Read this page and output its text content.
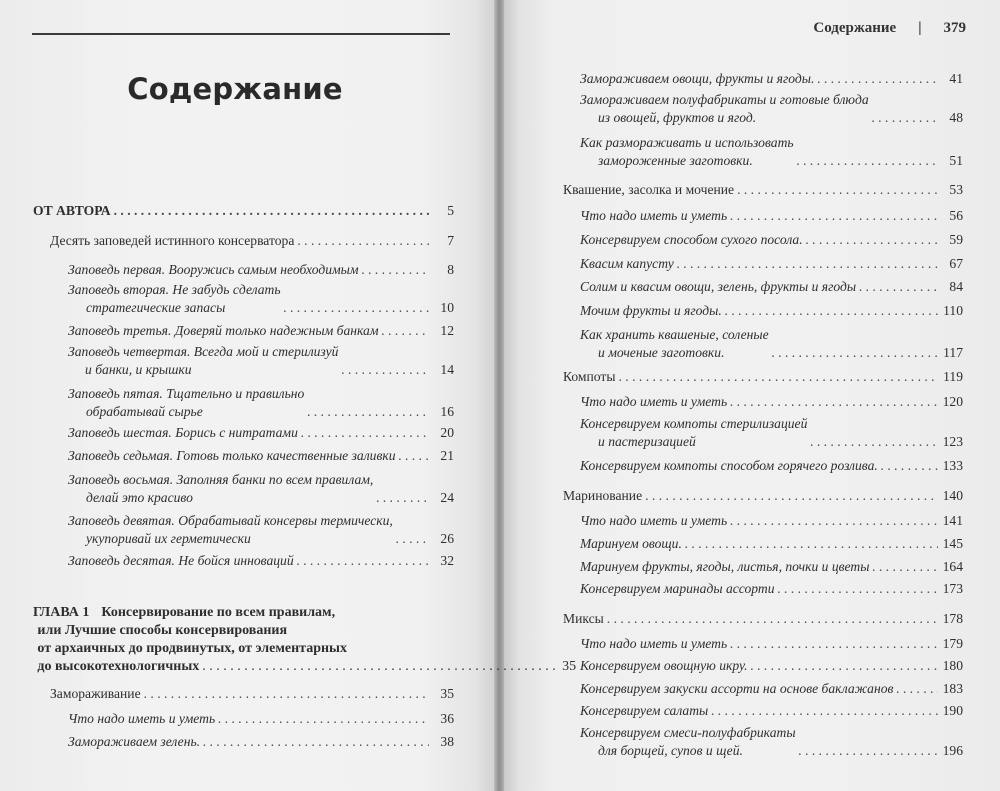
Содержание
Содержание | 379
ОТ АВТОРА . . .	5
Десять заповедей истинного консерватора . . .	7
Заповедь первая. Вооружись самым необходимым . . .	8
Заповедь вторая. Не забудь сделать
стратегические запасы . . .	10
Заповедь третья. Доверяй только надежным банкам . . .	12
Заповедь четвертая. Всегда мой и стерилизуй
и банки, и крышки . . .	14
Заповедь пятая. Тщательно и правильно
обрабатывай сырье . . .	16
Заповедь шестая. Борись с нитратами . . .	20
Заповедь седьмая. Готовь только качественные заливки . . .	21
Заповедь восьмая. Заполняя банки по всем правилам,
делай это красиво . . .	24
Заповедь девятая. Обрабатывай консервы термически,
укупоривай их герметически . . .	26
Заповедь десятая. Не бойся инноваций . . .	32
ГЛАВА 1 Консервирование по всем правилам,
или Лучшие способы консервирования
от архаичных до продвинутых, от элементарных
до высокотехнологичных . . .	35
Замораживание . . .	35
Что надо иметь и уметь . . .	36
Замораживаем зелень. . . .	38
Замораживаем овощи, фрукты и ягоды. . . .	41
Замораживаем полуфабрикаты и готовые блюда
из овощей, фруктов и ягод. . . .	48
Как размораживать и использовать
замороженные заготовки. . . .	51
Квашение, засолка и мочение . . .	53
Что надо иметь и уметь . . .	56
Консервируем способом сухого посола. . . .	59
Квасим капусту . . .	67
Солим и квасим овощи, зелень, фрукты и ягоды . . .	84
Мочим фрукты и ягоды. . . .	110
Как хранить квашеные, соленые
и моченые заготовки. . . .	117
Компоты . . .	119
Что надо иметь и уметь . . .	120
Консервируем компоты стерилизацией
и пастеризацией . . .	123
Консервируем компоты способом горячего розлива. . . .	133
Маринование . . .	140
Что надо иметь и уметь . . .	141
Маринуем овощи. . . .	145
Маринуем фрукты, ягоды, листья, почки и цветы . . .	164
Консервируем маринады ассорти . . .	173
Миксы . . .	178
Что надо иметь и уметь . . .	179
Консервируем овощную икру. . . .	180
Консервируем закуски ассорти на основе баклажанов . . .	183
Консервируем салаты . . .	190
Консервируем смеси-полуфабрикаты
для борщей, супов и щей. . . .	196
